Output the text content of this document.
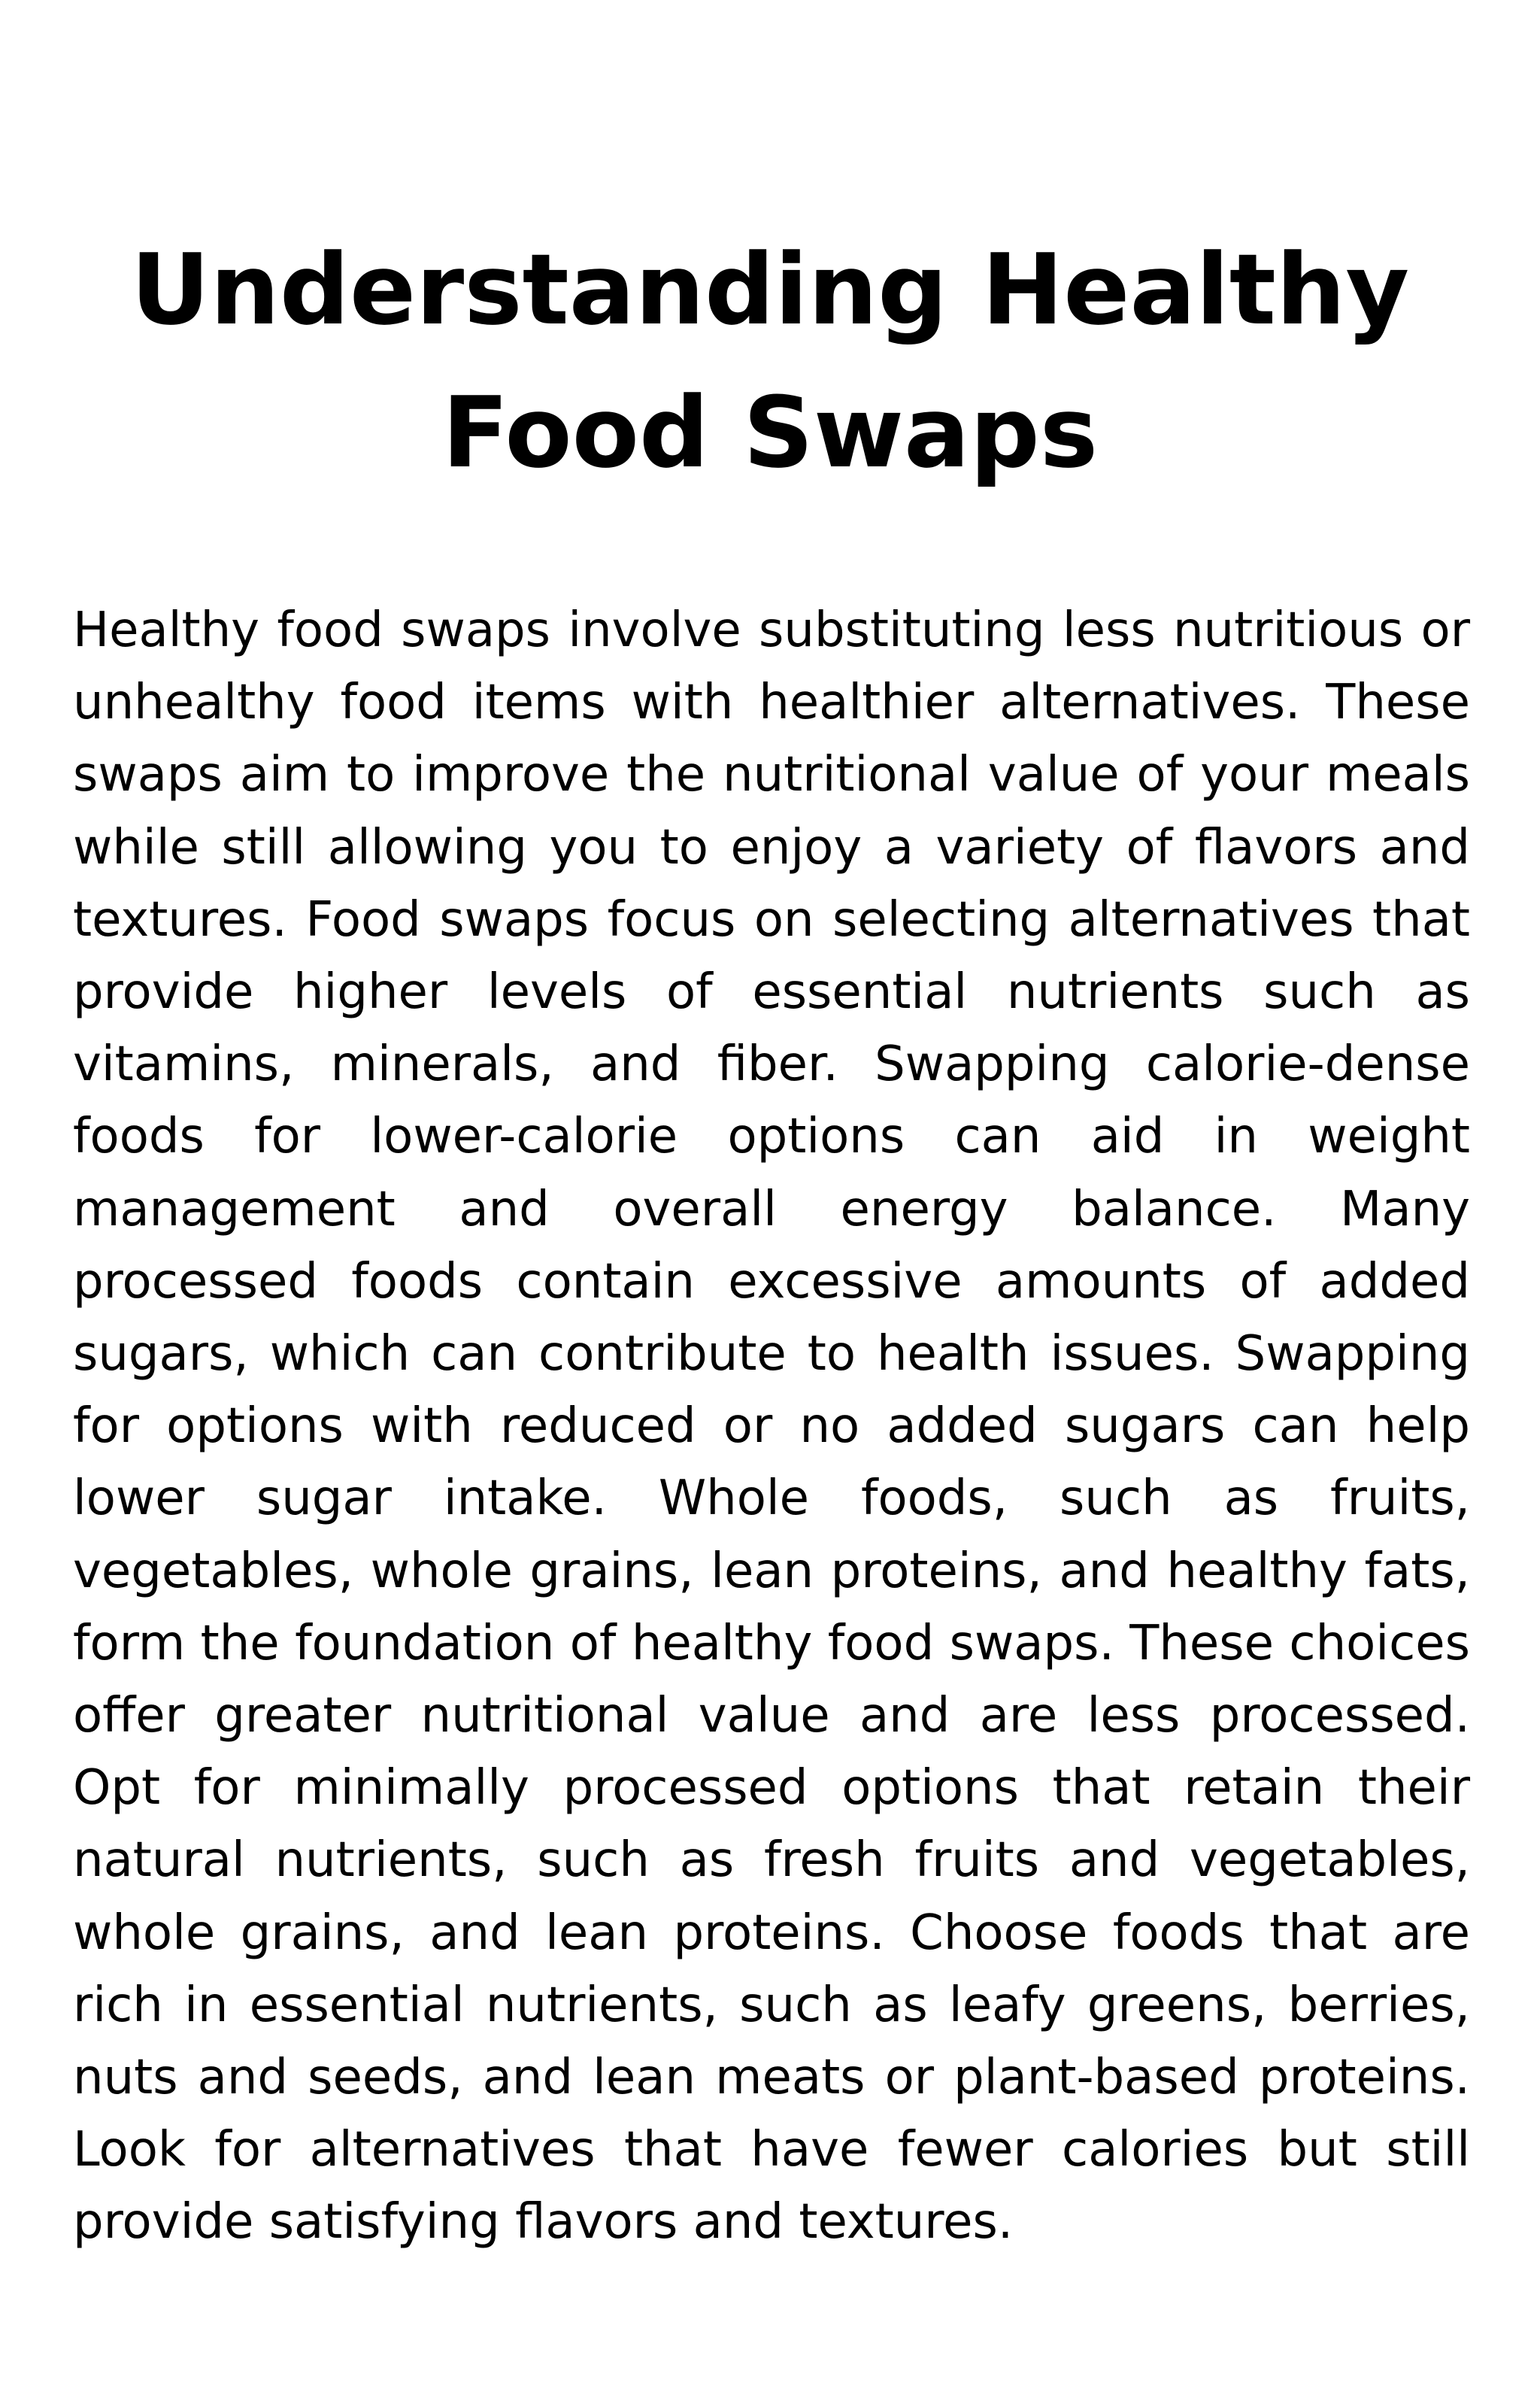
Understanding Healthy Food Swaps

Healthy food swaps involve substituting less nutritious or unhealthy food items with healthier alternatives. These swaps aim to improve the nutritional value of your meals while still allowing you to enjoy a variety of flavors and textures. Food swaps focus on selecting alternatives that provide higher levels of essential nutrients such as vitamins, minerals, and fiber. Swapping calorie-dense foods for lower-calorie options can aid in weight management and overall energy balance. Many processed foods contain excessive amounts of added sugars, which can contribute to health issues. Swapping for options with reduced or no added sugars can help lower sugar intake. Whole foods, such as fruits, vegetables, whole grains, lean proteins, and healthy fats, form the foundation of healthy food swaps. These choices offer greater nutritional value and are less processed. Opt for minimally processed options that retain their natural nutrients, such as fresh fruits and vegetables, whole grains, and lean proteins. Choose foods that are rich in essential nutrients, such as leafy greens, berries, nuts and seeds, and lean meats or plant-based proteins. Look for alternatives that have fewer calories but still provide satisfying flavors and textures.
